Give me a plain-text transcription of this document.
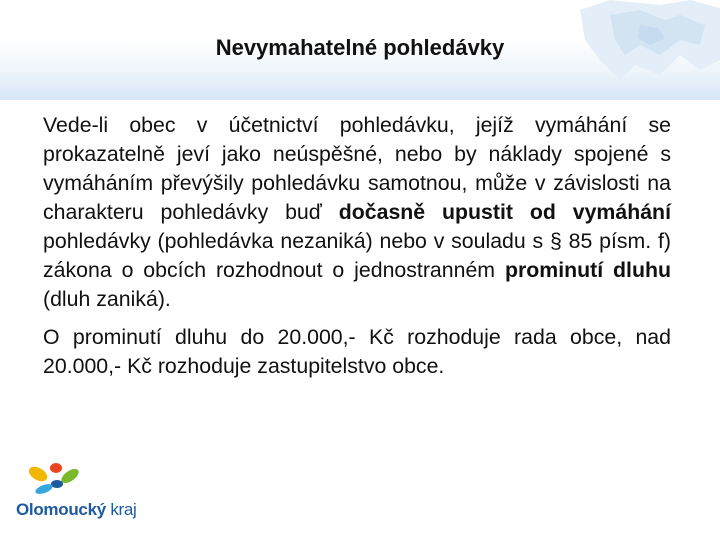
Nevymahatelné pohledávky

Vede-li obec v účetnictví pohledávku, jejíž vymáhání se prokazatelně jeví jako neúspěšné, nebo by náklady spojené s vymáháním převýšily pohledávku samotnou, může v závislosti na charakteru pohledávky buď dočasně upustit od vymáhání pohledávky (pohledávka nezaniká) nebo v souladu s § 85 písm. f) zákona o obcích rozhodnout o jednostranném prominutí dluhu (dluh zaniká).

O prominutí dluhu do 20.000,- Kč rozhoduje rada obce, nad 20.000,- Kč rozhoduje zastupitelstvo obce.

Olomoucký kraj
